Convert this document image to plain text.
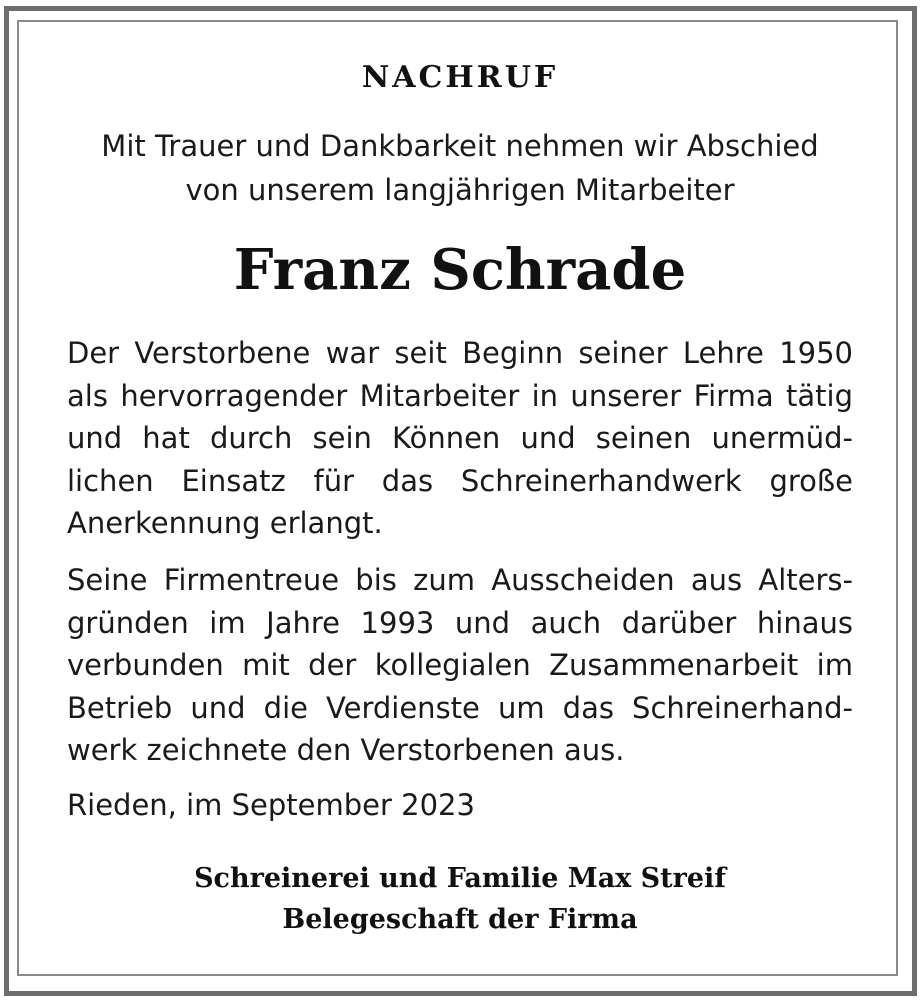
NACHRUF
Mit Trauer und Dankbarkeit nehmen wir Abschied
von unserem langjährigen Mitarbeiter
Franz Schrade
Der Verstorbene war seit Beginn seiner Lehre 1950
als hervorragender Mitarbeiter in unserer Firma tätig
und hat durch sein Können und seinen unermüd-
lichen Einsatz für das Schreinerhandwerk große
Anerkennung erlangt.
Seine Firmentreue bis zum Ausscheiden aus Alters-
gründen im Jahre 1993 und auch darüber hinaus
verbunden mit der kollegialen Zusammenarbeit im
Betrieb und die Verdienste um das Schreinerhand-
werk zeichnete den Verstorbenen aus.
Rieden, im September 2023
Schreinerei und Familie Max Streif
Belegeschaft der Firma
